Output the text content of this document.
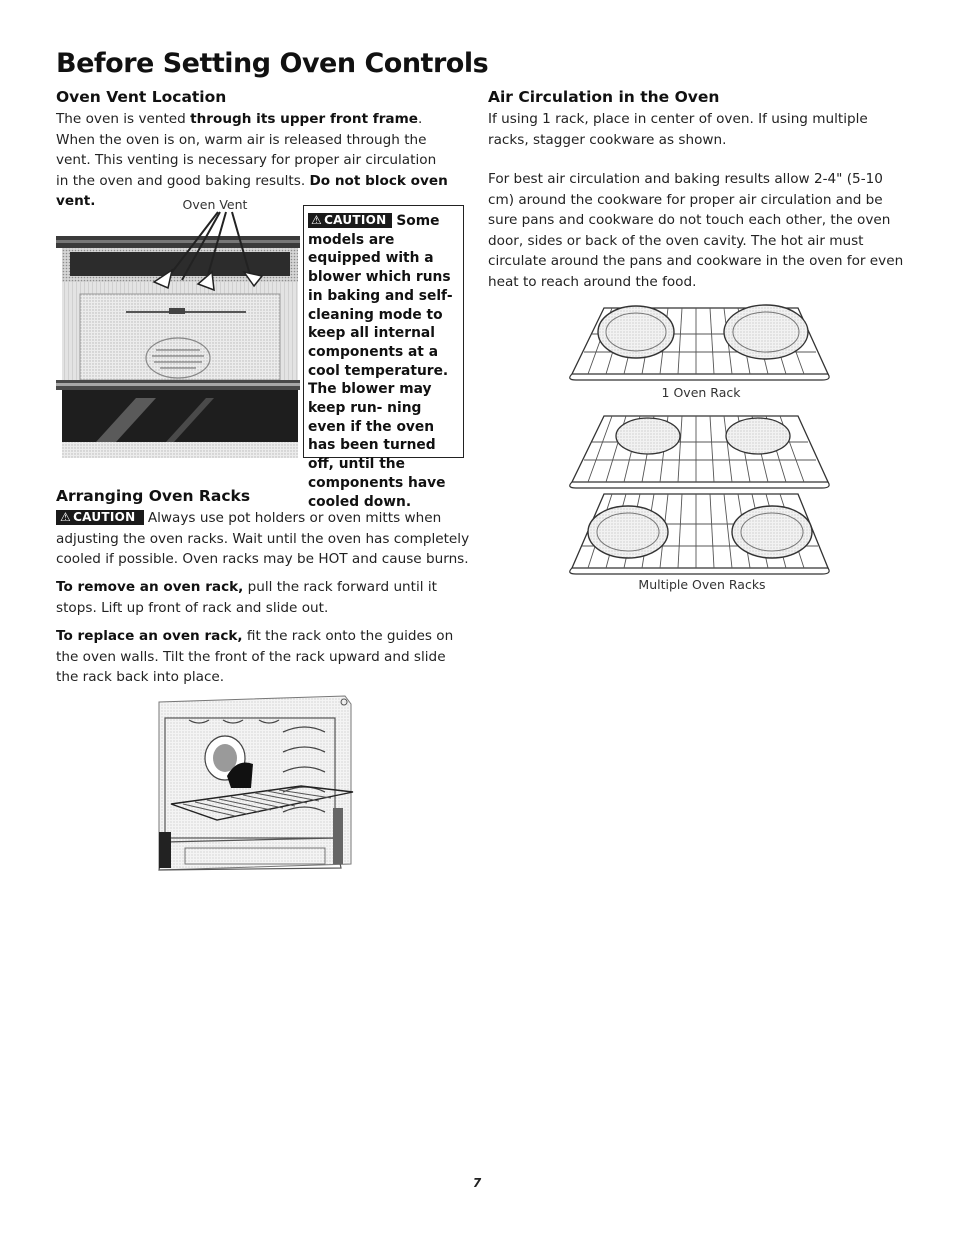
Before Setting Oven Controls
Oven Vent Location
The oven is vented through its upper front frame. When the oven is on, warm air is released through the vent. This venting is necessary for proper air circulation in the oven and good baking results. Do not block oven vent.	Oven Vent
⚠ CAUTION Some models are equipped with a blower which runs in baking and self-cleaning mode to keep all internal components at a cool temperature. The blower may keep run- ning even if the oven has been turned off, until the components have cooled down.
Arranging Oven Racks
⚠ CAUTION Always use pot holders or oven mitts when adjusting the oven racks. Wait until the oven has completely cooled if possible. Oven racks may be HOT and cause burns.
To remove an oven rack, pull the rack forward until it stops. Lift up front of rack and slide out.
To replace an oven rack, fit the rack onto the guides on the oven walls. Tilt the front of the rack upward and slide the rack back into place.
Air Circulation in the Oven
If using 1 rack, place in center of oven. If using multiple racks, stagger cookware as shown.
For best air circulation and baking results allow 2-4" (5-10 cm) around the cookware for proper air circulation and be sure pans and cookware do not touch each other, the oven door, sides or back of the oven cavity. The hot air must circulate around the pans and cookware in the oven for even heat to reach around the food.
1 Oven Rack
Multiple Oven Racks
7
